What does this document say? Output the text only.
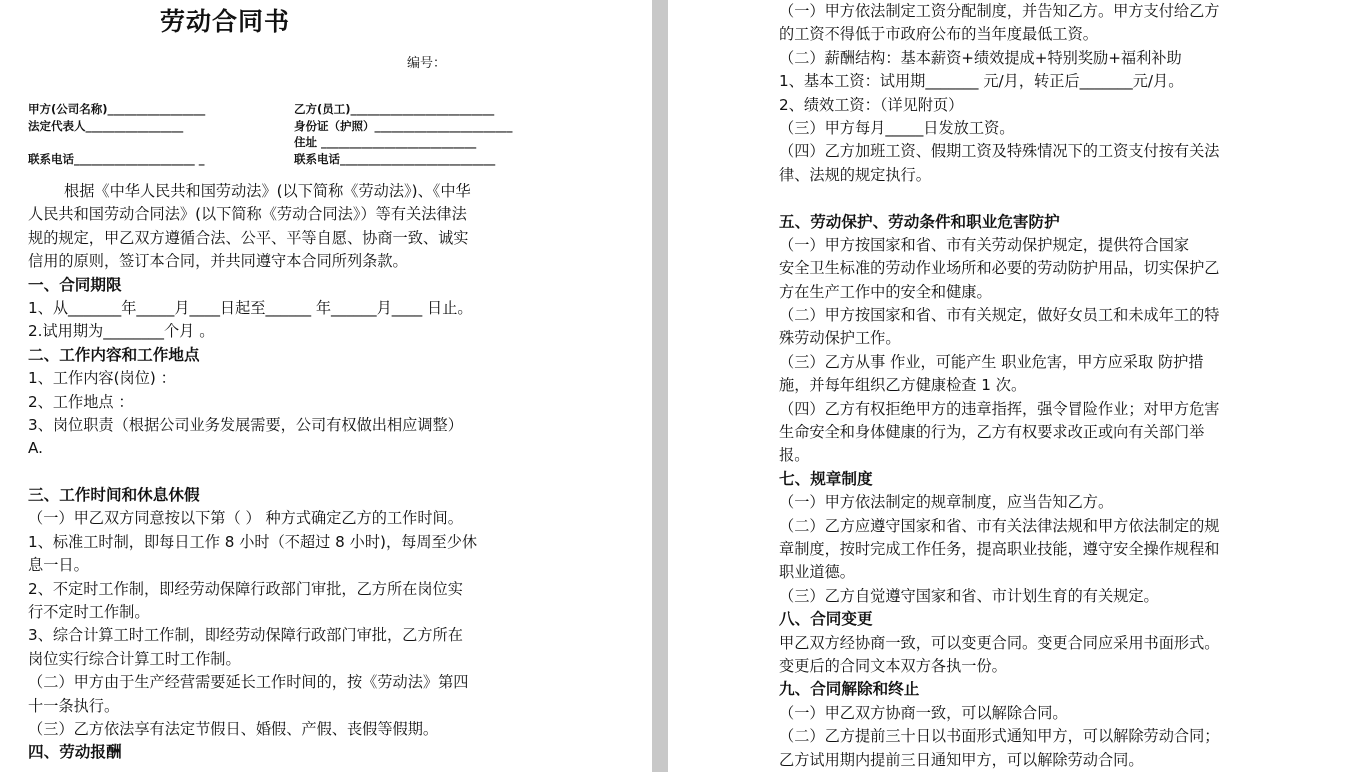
劳动合同书
编号：
甲方(公司名称)_________________
法定代表人_________________
联系电话_____________________ _
乙方(员工)_________________________
身份证（护照）________________________
住址 ___________________________
联系电话___________________________
根据《中华人民共和国劳动法》(以下简称《劳动法》)、《中华
人民共和国劳动合同法》(以下简称《劳动合同法》）等有关法律法
规的规定，甲乙双方遵循合法、公平、平等自愿、协商一致、诚实
信用的原则，签订本合同，并共同遵守本合同所列条款。
一、合同期限
1、从_______年_____月____日起至______ 年______月____ 日止。
2.试用期为________个月 。
二、工作内容和工作地点
1、工作内容(岗位) ：
2、工作地点 ：
3、岗位职责（根据公司业务发展需要，公司有权做出相应调整）
A.
三、工作时间和休息休假
（一）甲乙双方同意按以下第（ ） 种方式确定乙方的工作时间。
1、标准工时制，即每日工作 8 小时（不超过 8 小时)，每周至少休
息一日。
2、不定时工作制，即经劳动保障行政部门审批，乙方所在岗位实
行不定时工作制。
3、综合计算工时工作制，即经劳动保障行政部门审批，乙方所在
岗位实行综合计算工时工作制。
（二）甲方由于生产经营需要延长工作时间的，按《劳动法》第四
十一条执行。
（三）乙方依法享有法定节假日、婚假、产假、丧假等假期。
四、劳动报酬
（一）甲方依法制定工资分配制度，并告知乙方。甲方支付给乙方
的工资不得低于市政府公布的当年度最低工资。
（二）薪酬结构：基本薪资+绩效提成+特别奖励+福利补助
1、基本工资：试用期_______ 元/月，转正后_______元/月。
2、绩效工资：（详见附页）
（三）甲方每月_____日发放工资。
（四）乙方加班工资、假期工资及特殊情况下的工资支付按有关法
律、法规的规定执行。
五、劳动保护、劳动条件和职业危害防护
（一）甲方按国家和省、市有关劳动保护规定，提供符合国家
安全卫生标准的劳动作业场所和必要的劳动防护用品，切实保护乙
方在生产工作中的安全和健康。
（二）甲方按国家和省、市有关规定，做好女员工和未成年工的特
殊劳动保护工作。
（三）乙方从事 作业，可能产生 职业危害，甲方应采取 防护措
施，并每年组织乙方健康检查 1 次。
（四）乙方有权拒绝甲方的违章指挥，强令冒险作业；对甲方危害
生命安全和身体健康的行为，乙方有权要求改正或向有关部门举
报。
七、规章制度
（一）甲方依法制定的规章制度，应当告知乙方。
（二）乙方应遵守国家和省、市有关法律法规和甲方依法制定的规
章制度，按时完成工作任务，提高职业技能，遵守安全操作规程和
职业道德。
（三）乙方自觉遵守国家和省、市计划生育的有关规定。
八、合同变更
甲乙双方经协商一致，可以变更合同。变更合同应采用书面形式。
变更后的合同文本双方各执一份。
九、合同解除和终止
（一）甲乙双方协商一致，可以解除合同。
（二）乙方提前三十日以书面形式通知甲方，可以解除劳动合同；
乙方试用期内提前三日通知甲方，可以解除劳动合同。
